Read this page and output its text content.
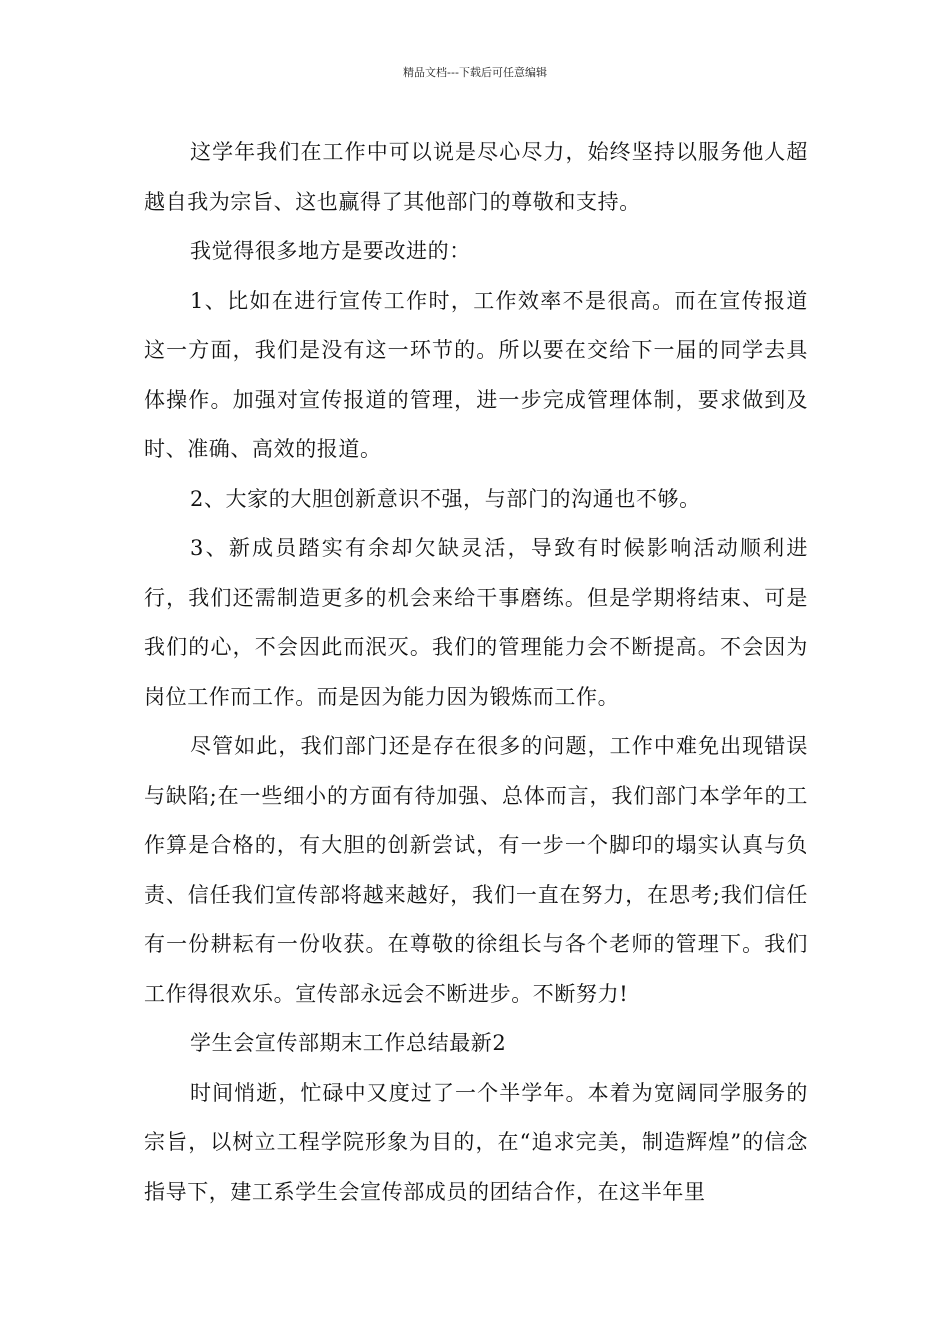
精品文档---下载后可任意编辑

这学年我们在工作中可以说是尽心尽力，始终坚持以服务他人超越自我为宗旨、这也赢得了其他部门的尊敬和支持。

我觉得很多地方是要改进的：

1、比如在进行宣传工作时，工作效率不是很高。而在宣传报道这一方面，我们是没有这一环节的。所以要在交给下一届的同学去具体操作。加强对宣传报道的管理，进一步完成管理体制，要求做到及时、准确、高效的报道。

2、大家的大胆创新意识不强，与部门的沟通也不够。

3、新成员踏实有余却欠缺灵活，导致有时候影响活动顺利进行，我们还需制造更多的机会来给干事磨练。但是学期将结束、可是我们的心，不会因此而泯灭。我们的管理能力会不断提高。不会因为岗位工作而工作。而是因为能力因为锻炼而工作。

尽管如此，我们部门还是存在很多的问题，工作中难免出现错误与缺陷;在一些细小的方面有待加强、总体而言，我们部门本学年的工作算是合格的，有大胆的创新尝试，有一步一个脚印的塌实认真与负责、信任我们宣传部将越来越好，我们一直在努力，在思考;我们信任有一份耕耘有一份收获。在尊敬的徐组长与各个老师的管理下。我们工作得很欢乐。宣传部永远会不断进步。不断努力!

学生会宣传部期末工作总结最新2

时间悄逝，忙碌中又度过了一个半学年。本着为宽阔同学服务的宗旨，以树立工程学院形象为目的，在“追求完美，制造辉煌”的信念指导下，建工系学生会宣传部成员的团结合作，在这半年里
